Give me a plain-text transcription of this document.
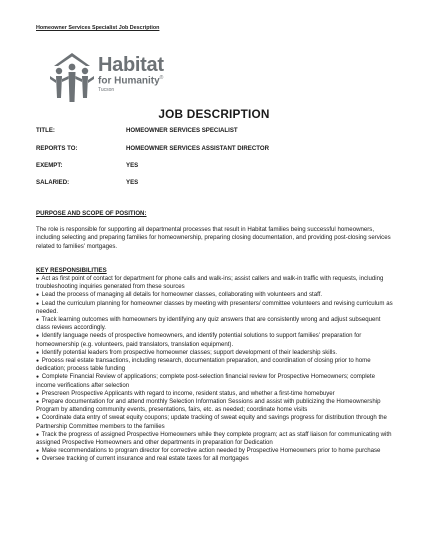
Homeowner Services Specialist Job Description
Habitat
for Humanity®
Tucson
JOB DESCRIPTION
TITLE:	HOMEOWNER SERVICES SPECIALIST
REPORTS TO:	HOMEOWNER SERVICES ASSISTANT DIRECTOR
EXEMPT:	YES
SALARIED:	YES
PURPOSE AND SCOPE OF POSITION:
The role is responsible for supporting all departmental processes that result in Habitat families being successful homeowners, including selecting and preparing families for homeownership, preparing closing documentation, and providing post-closing services related to families' mortgages.
KEY RESPONSIBILITIES
● Act as first point of contact for department for phone calls and walk-ins; assist callers and walk-in traffic with requests, including troubleshooting inquiries generated from these sources
● Lead the process of managing all details for homeowner classes, collaborating with volunteers and staff.
● Lead the curriculum planning for homeowner classes by meeting with presenters/ committee volunteers and revising curriculum as needed.
● Track learning outcomes with homeowners by identifying any quiz answers that are consistently wrong and adjust subsequent class reviews accordingly.
● Identify language needs of prospective homeowners, and identify potential solutions to support families' preparation for homeownership (e.g. volunteers, paid translators, translation equipment).
● Identify potential leaders from prospective homeowner classes; support development of their leadership skills.
● Process real estate transactions, including research, documentation preparation, and coordination of closing prior to home dedication; process table funding
● Complete Financial Review of applications; complete post-selection financial review for Prospective Homeowners; complete income verifications after selection
● Prescreen Prospective Applicants with regard to income, resident status, and whether a first-time homebuyer
● Prepare documentation for and attend monthly Selection Information Sessions and assist with publicizing the Homeownership Program by attending community events, presentations, fairs, etc. as needed; coordinate home visits
● Coordinate data entry of sweat equity coupons; update tracking of sweat equity and savings progress for distribution through the Partnership Committee members to the families
● Track the progress of assigned Prospective Homeowners while they complete program; act as staff liaison for communicating with assigned Prospective Homeowners and other departments in preparation for Dedication
● Make recommendations to program director for corrective action needed by Prospective Homeowners prior to home purchase
● Oversee tracking of current insurance and real estate taxes for all mortgages
